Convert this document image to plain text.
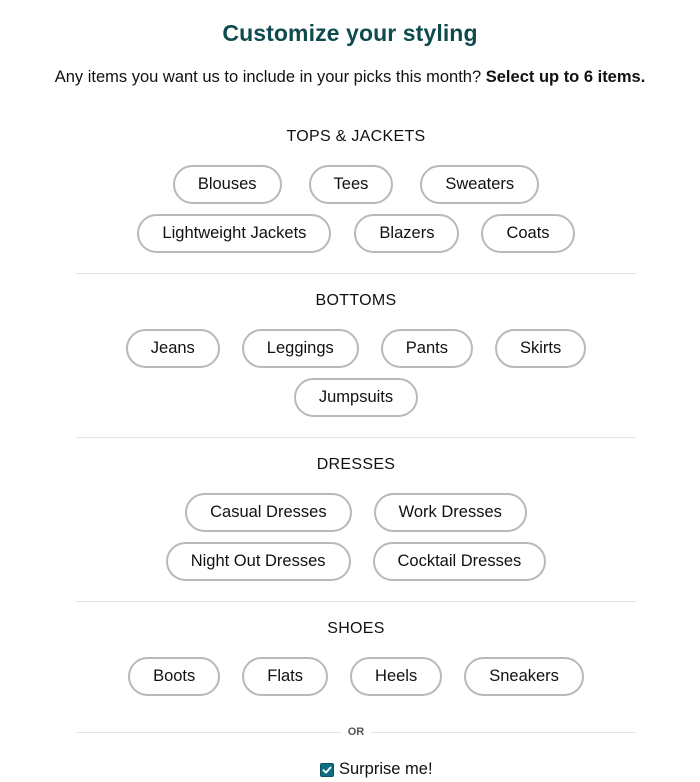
Customize your styling
Any items you want us to include in your picks this month? Select up to 6 items.
TOPS & JACKETS
Blouses	Tees	Sweaters
Lightweight Jackets	Blazers	Coats
BOTTOMS
Jeans	Leggings	Pants	Skirts
Jumpsuits
DRESSES
Casual Dresses	Work Dresses
Night Out Dresses	Cocktail Dresses
SHOES
Boots	Flats	Heels	Sneakers
OR
Surprise me!
